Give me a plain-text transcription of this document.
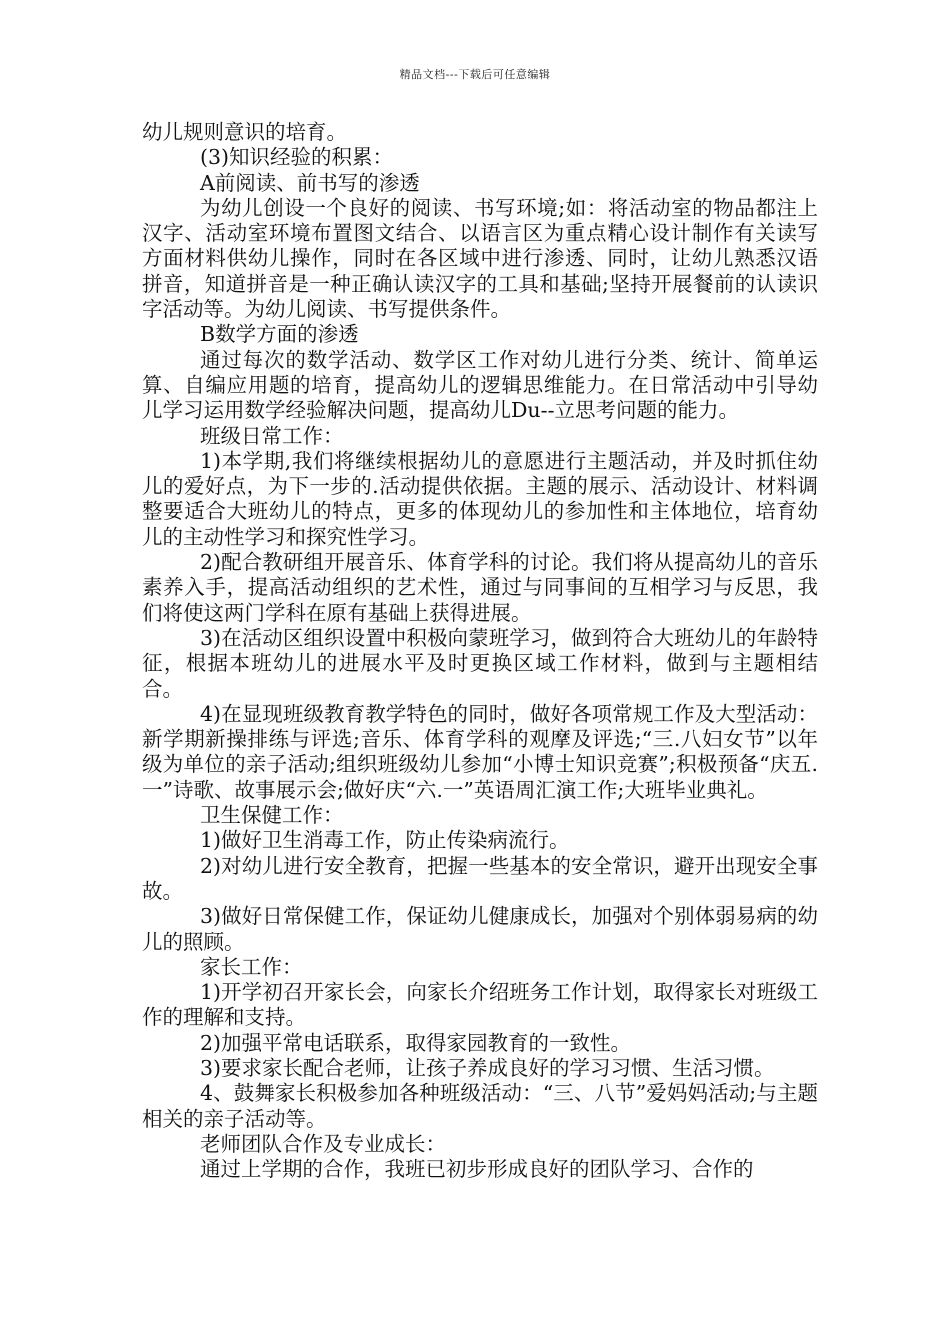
精品文档---下载后可任意编辑

幼儿规则意识的培育。

(3)知识经验的积累：

A前阅读、前书写的渗透

为幼儿创设一个良好的阅读、书写环境;如：将活动室的物品都注上汉字、活动室环境布置图文结合、以语言区为重点精心设计制作有关读写方面材料供幼儿操作，同时在各区域中进行渗透、同时，让幼儿熟悉汉语拼音，知道拼音是一种正确认读汉字的工具和基础;坚持开展餐前的认读识字活动等。为幼儿阅读、书写提供条件。

B数学方面的渗透

通过每次的数学活动、数学区工作对幼儿进行分类、统计、简单运算、自编应用题的培育，提高幼儿的逻辑思维能力。在日常活动中引导幼儿学习运用数学经验解决问题，提高幼儿Du--立思考问题的能力。

班级日常工作：

1)本学期,我们将继续根据幼儿的意愿进行主题活动，并及时抓住幼儿的爱好点，为下一步的.活动提供依据。主题的展示、活动设计、材料调整要适合大班幼儿的特点，更多的体现幼儿的参加性和主体地位，培育幼儿的主动性学习和探究性学习。

2)配合教研组开展音乐、体育学科的讨论。我们将从提高幼儿的音乐素养入手，提高活动组织的艺术性，通过与同事间的互相学习与反思，我们将使这两门学科在原有基础上获得进展。

3)在活动区组织设置中积极向蒙班学习，做到符合大班幼儿的年龄特征，根据本班幼儿的进展水平及时更换区域工作材料，做到与主题相结合。

4)在显现班级教育教学特色的同时，做好各项常规工作及大型活动：新学期新操排练与评选;音乐、体育学科的观摩及评选;“三.八妇女节”以年级为单位的亲子活动;组织班级幼儿参加“小博士知识竞赛”;积极预备“庆五.一”诗歌、故事展示会;做好庆“六.一”英语周汇演工作;大班毕业典礼。

卫生保健工作：

1)做好卫生消毒工作，防止传染病流行。

2)对幼儿进行安全教育，把握一些基本的安全常识，避开出现安全事故。

3)做好日常保健工作，保证幼儿健康成长，加强对个别体弱易病的幼儿的照顾。

家长工作：

1)开学初召开家长会，向家长介绍班务工作计划，取得家长对班级工作的理解和支持。

2)加强平常电话联系，取得家园教育的一致性。

3)要求家长配合老师，让孩子养成良好的学习习惯、生活习惯。

4、鼓舞家长积极参加各种班级活动：“三、八节”爱妈妈活动;与主题相关的亲子活动等。

老师团队合作及专业成长：

通过上学期的合作，我班已初步形成良好的团队学习、合作的
